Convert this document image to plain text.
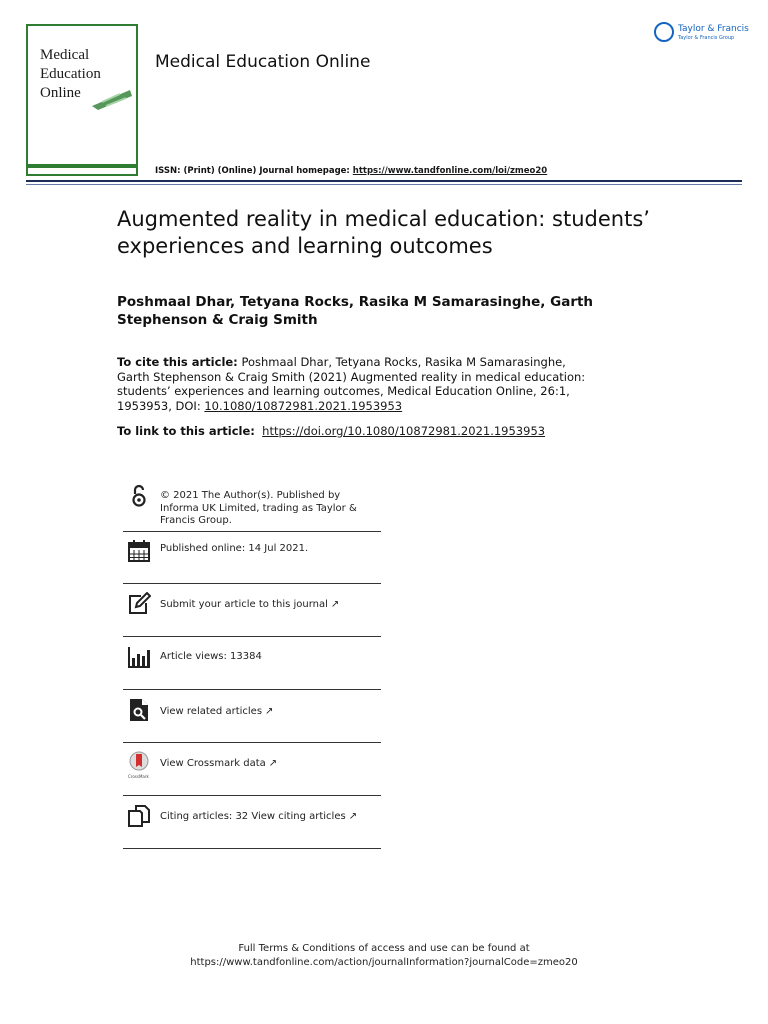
Medical
Education
Online
Medical Education Online
ISSN: (Print) (Online) Journal homepage: https://www.tandfonline.com/loi/zmeo20
Taylor & Francis
Taylor & Francis Group
Augmented reality in medical education: students’ experiences and learning outcomes
Poshmaal Dhar, Tetyana Rocks, Rasika M Samarasinghe, Garth Stephenson & Craig Smith
To cite this article: Poshmaal Dhar, Tetyana Rocks, Rasika M Samarasinghe, Garth Stephenson & Craig Smith (2021) Augmented reality in medical education: students’ experiences and learning outcomes, Medical Education Online, 26:1, 1953953, DOI: 10.1080/10872981.2021.1953953
To link to this article: https://doi.org/10.1080/10872981.2021.1953953
© 2021 The Author(s). Published by Informa UK Limited, trading as Taylor & Francis Group.
Published online: 14 Jul 2021.
Submit your article to this journal ↗
Article views: 13384
View related articles ↗
View Crossmark data ↗
CrossMark
Citing articles: 32 View citing articles ↗
Full Terms & Conditions of access and use can be found at
https://www.tandfonline.com/action/journalInformation?journalCode=zmeo20
